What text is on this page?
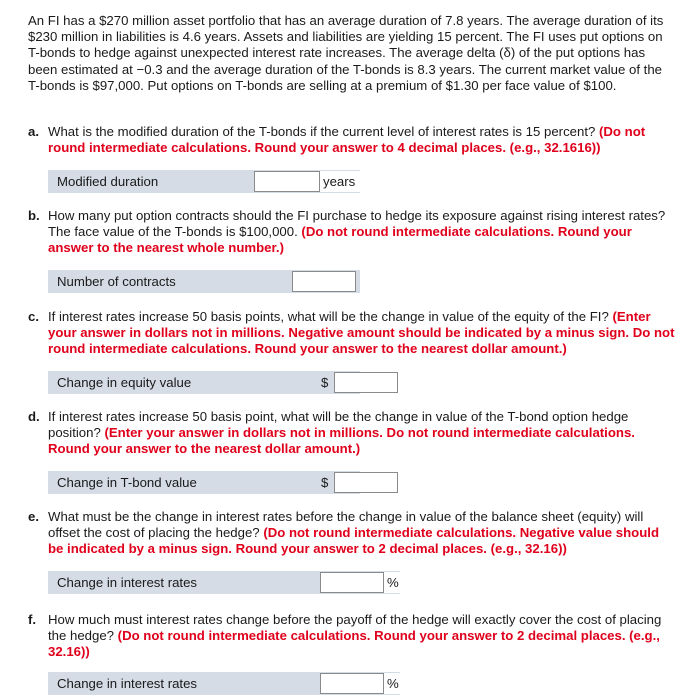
An FI has a $270 million asset portfolio that has an average duration of 7.8 years. The average duration of its $230 million in liabilities is 4.6 years. Assets and liabilities are yielding 15 percent. The FI uses put options on T-bonds to hedge against unexpected interest rate increases. The average delta (δ) of the put options has been estimated at −0.3 and the average duration of the T-bonds is 8.3 years. The current market value of the T-bonds is $97,000. Put options on T-bonds are selling at a premium of $1.30 per face value of $100.
a. What is the modified duration of the T-bonds if the current level of interest rates is 15 percent? (Do not round intermediate calculations. Round your answer to 4 decimal places. (e.g., 32.1616))
Modified duration	years
b. How many put option contracts should the FI purchase to hedge its exposure against rising interest rates? The face value of the T-bonds is $100,000. (Do not round intermediate calculations. Round your answer to the nearest whole number.)
Number of contracts
c. If interest rates increase 50 basis points, what will be the change in value of the equity of the FI? (Enter your answer in dollars not in millions. Negative amount should be indicated by a minus sign. Do not round intermediate calculations. Round your answer to the nearest dollar amount.)
Change in equity value	$
d. If interest rates increase 50 basis point, what will be the change in value of the T-bond option hedge position? (Enter your answer in dollars not in millions. Do not round intermediate calculations. Round your answer to the nearest dollar amount.)
Change in T-bond value	$
e. What must be the change in interest rates before the change in value of the balance sheet (equity) will offset the cost of placing the hedge? (Do not round intermediate calculations. Negative value should be indicated by a minus sign. Round your answer to 2 decimal places. (e.g., 32.16))
Change in interest rates	%
f. How much must interest rates change before the payoff of the hedge will exactly cover the cost of placing the hedge? (Do not round intermediate calculations. Round your answer to 2 decimal places. (e.g., 32.16))
Change in interest rates	%
